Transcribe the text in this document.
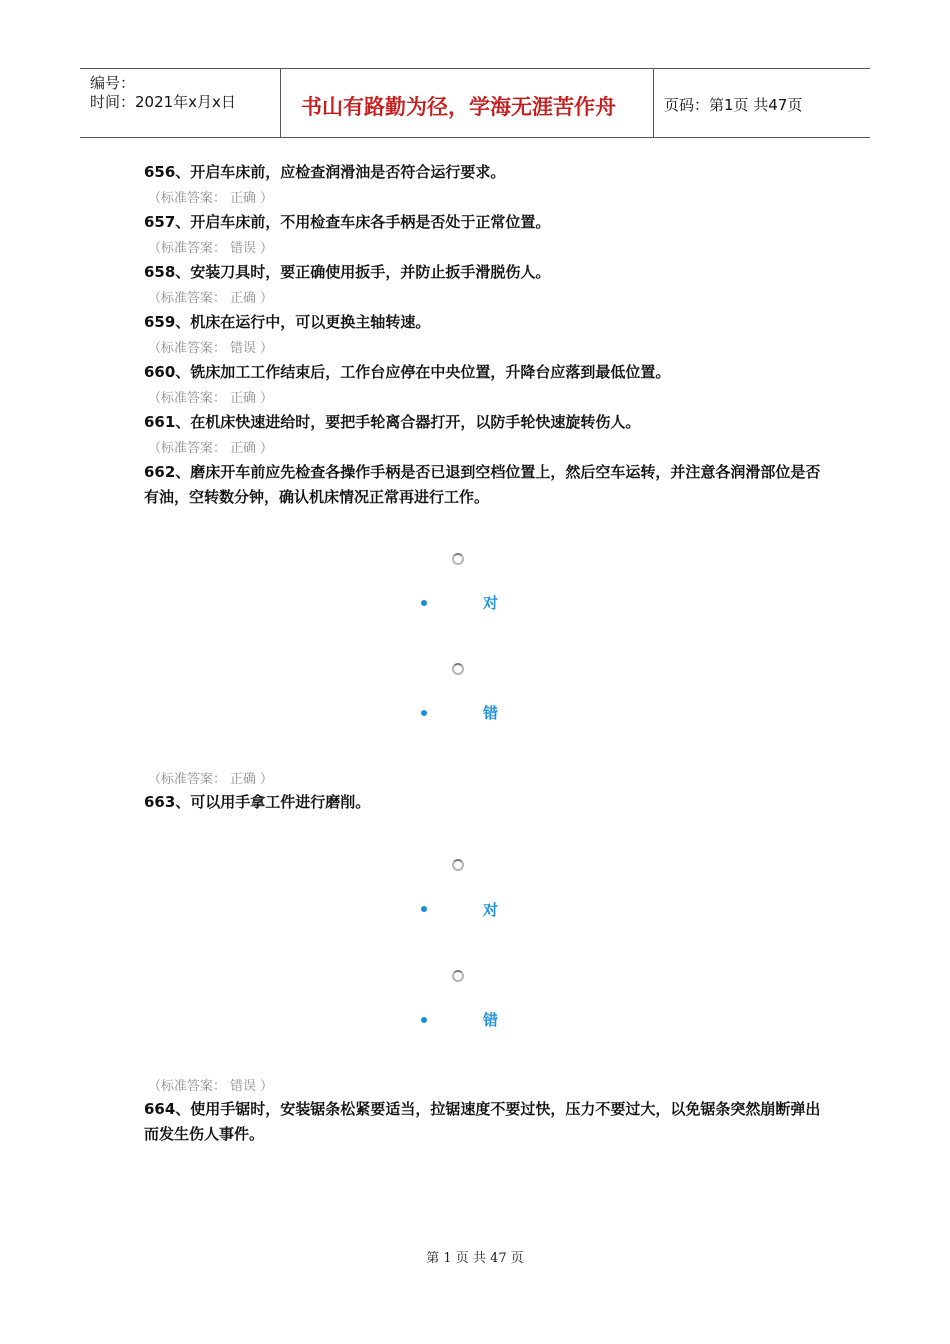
编号：
时间：2021年x月x日	书山有路勤为径，学海无涯苦作舟	页码：第1页 共47页
656、开启车床前，应检查润滑油是否符合运行要求。
（标准答案： 正确 ）
657、开启车床前，不用检查车床各手柄是否处于正常位置。
（标准答案： 错误 ）
658、安装刀具时，要正确使用扳手，并防止扳手滑脱伤人。
（标准答案： 正确 ）
659、机床在运行中，可以更换主轴转速。
（标准答案： 错误 ）
660、铣床加工工作结束后，工作台应停在中央位置，升降台应落到最低位置。
（标准答案： 正确 ）
661、在机床快速进给时，要把手轮离合器打开，以防手轮快速旋转伤人。
（标准答案： 正确 ）
662、磨床开车前应先检查各操作手柄是否已退到空档位置上，然后空车运转，并注意各润滑部位是否有油，空转数分钟，确认机床情况正常再进行工作。
对
错
（标准答案： 正确 ）
663、可以用手拿工件进行磨削。
对
错
（标准答案： 错误 ）
664、使用手锯时，安装锯条松紧要适当，拉锯速度不要过快，压力不要过大，以免锯条突然崩断弹出而发生伤人事件。
第 1 页 共 47 页
